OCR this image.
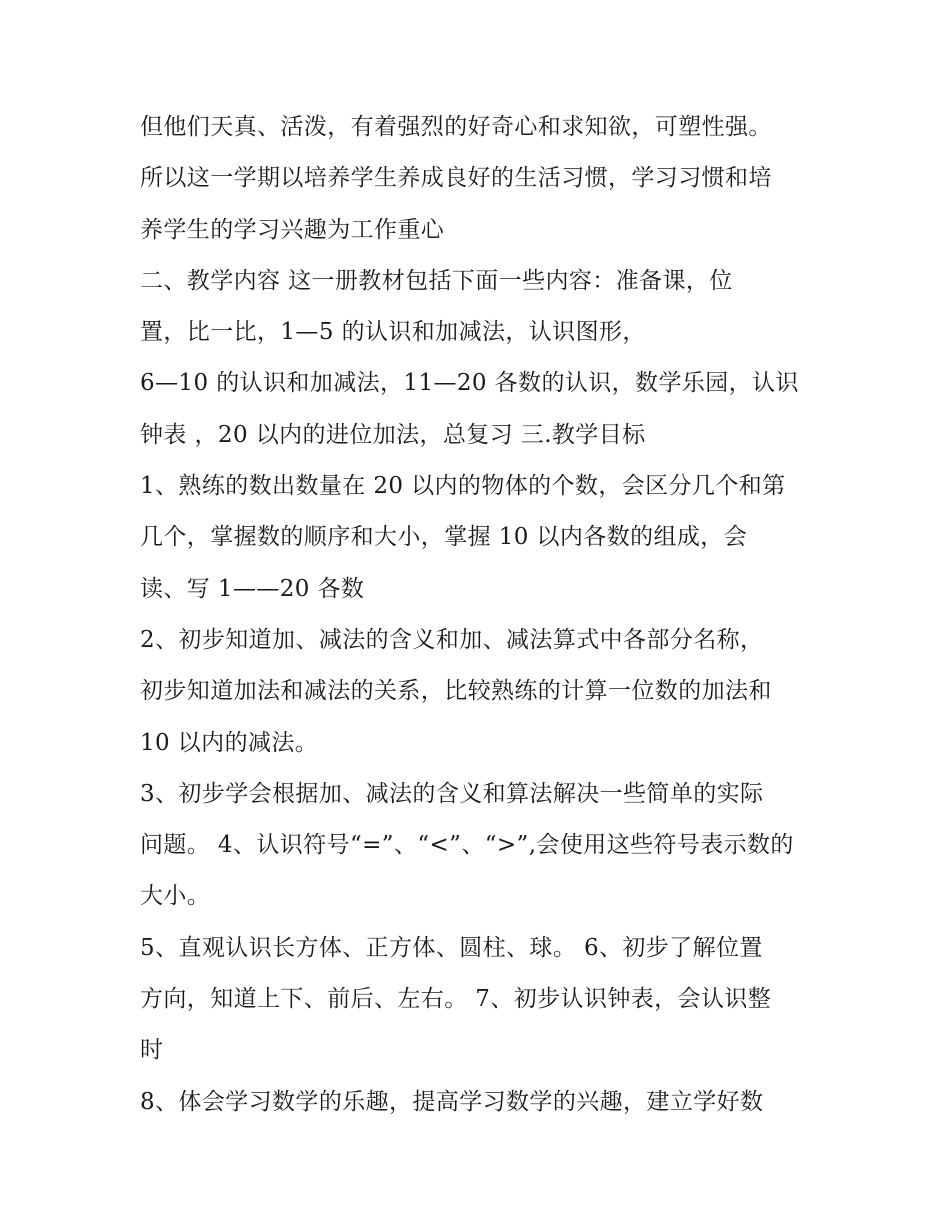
但他们天真、活泼，有着强烈的好奇心和求知欲，可塑性强。
所以这一学期以培养学生养成良好的生活习惯，学习习惯和培
养学生的学习兴趣为工作重心
二、教学内容 这一册教材包括下面一些内容：准备课，位
置，比一比，1—5 的认识和加减法，认识图形，
6—10 的认识和加减法，11—20 各数的认识，数学乐园，认识
钟表 ，20 以内的进位加法，总复习 三.教学目标
1、熟练的数出数量在 20 以内的物体的个数，会区分几个和第
几个，掌握数的顺序和大小，掌握 10 以内各数的组成，会
读、写 1——20 各数
2、初步知道加、减法的含义和加、减法算式中各部分名称，
初步知道加法和减法的关系，比较熟练的计算一位数的加法和
10 以内的减法。
3、初步学会根据加、减法的含义和算法解决一些简单的实际
问题。 4、认识符号“=”、“<”、“>”,会使用这些符号表示数的
大小。
5、直观认识长方体、正方体、圆柱、球。 6、初步了解位置
方向，知道上下、前后、左右。 7、初步认识钟表，会认识整
时
8、体会学习数学的乐趣，提高学习数学的兴趣，建立学好数
